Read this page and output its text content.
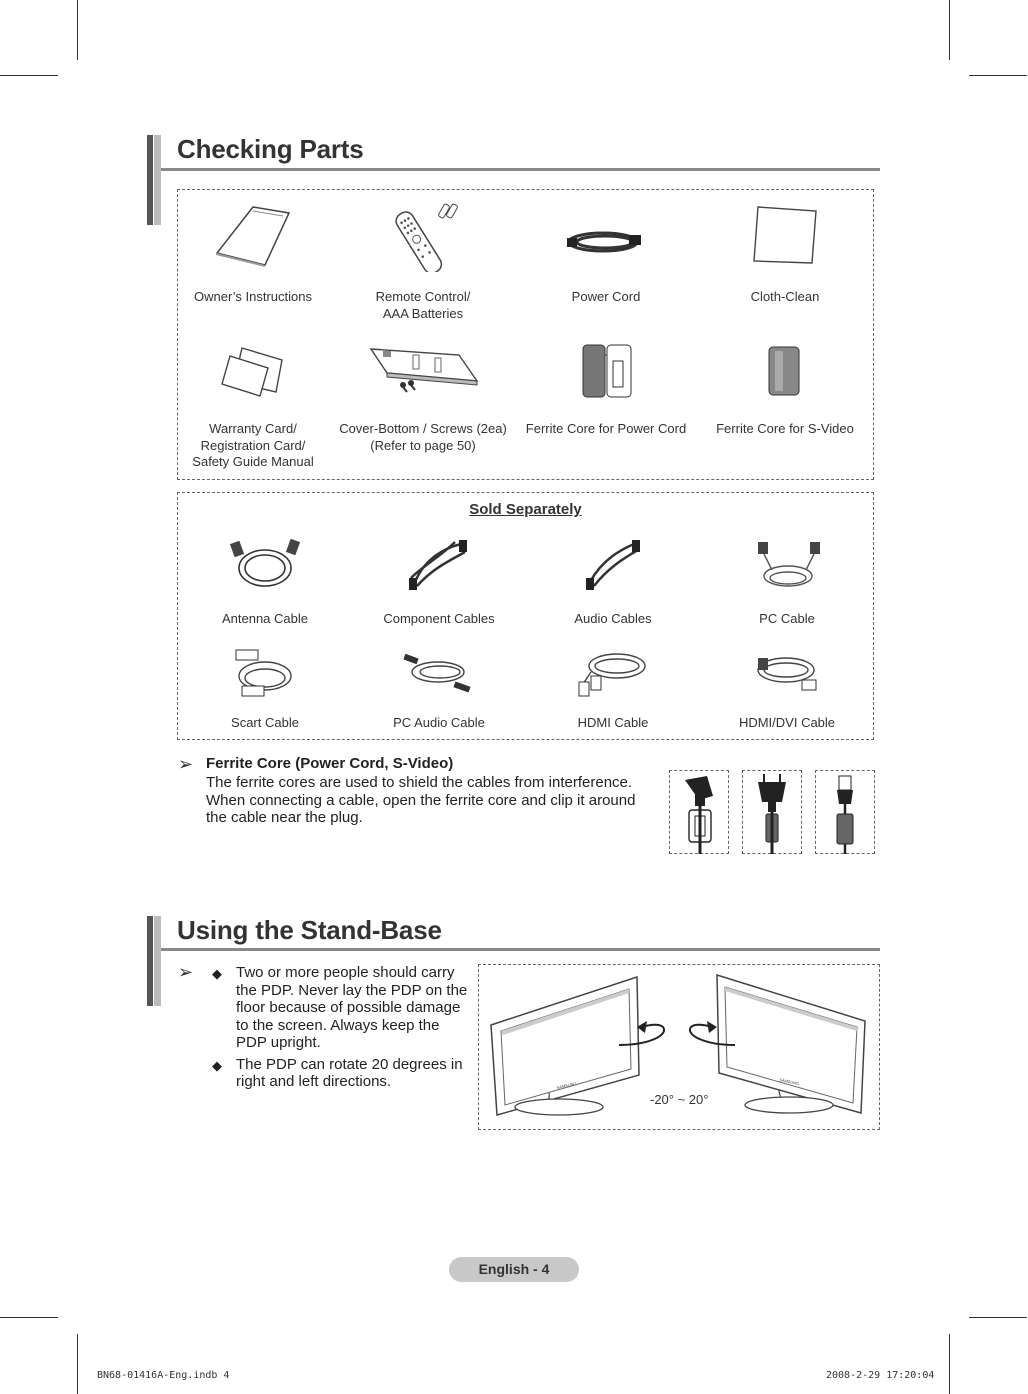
Checking Parts
Owner’s Instructions	Remote Control/
AAA Batteries
Power Cord	Cloth-Clean
Warranty Card/
Registration Card/
Safety Guide Manual
Cover-Bottom / Screws (2ea)
(Refer to page 50)
Ferrite Core for Power Cord	Ferrite Core for S-Video
Sold Separately
Antenna Cable	Component Cables	Audio Cables	PC Cable
Scart Cable	PC Audio Cable	HDMI Cable	HDMI/DVI Cable
➢ Ferrite Core (Power Cord, S-Video)
The ferrite cores are used to shield the cables from interference. When connecting a cable, open the ferrite core and clip it around the cable near the plug.
Using the Stand-Base
➢ ◆ Two or more people should carry the PDP. Never lay the PDP on the floor because of possible damage to the screen. Always keep the PDP upright.
◆ The PDP can rotate 20 degrees in right and left directions.	SAMSUNG	SAMSUNG
-20° ~ 20°
English - 4
BN68-01416A-Eng.indb 4	2008-2-29 17:20:04
